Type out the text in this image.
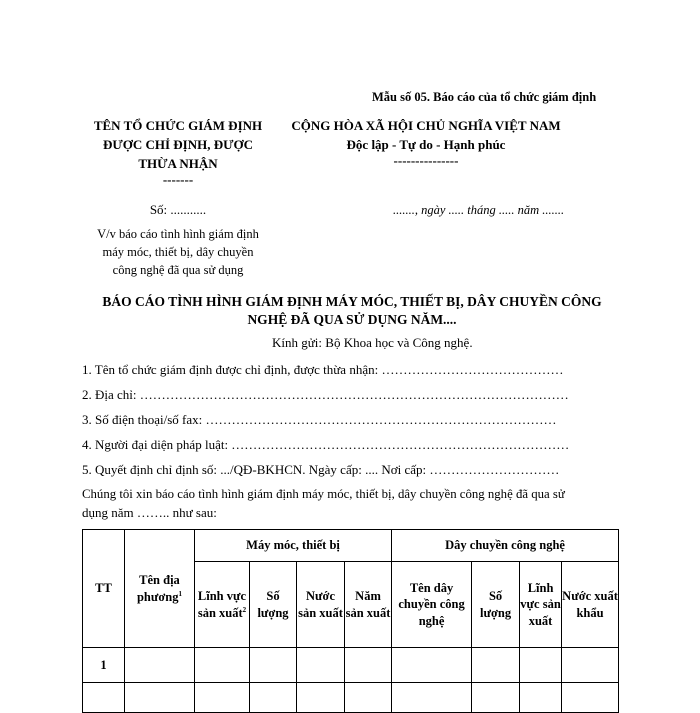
Mẫu số 05. Báo cáo của tổ chức giám định
TÊN TỔ CHỨC GIÁM ĐỊNH
ĐƯỢC CHỈ ĐỊNH, ĐƯỢC
THỪA NHẬN
-------
CỘNG HÒA XÃ HỘI CHỦ NGHĨA VIỆT NAM
Độc lập - Tự do - Hạnh phúc
---------------
Số: ...........	......., ngày ..... tháng ..... năm .......
V/v báo cáo tình hình giám định
máy móc, thiết bị, dây chuyền
công nghệ đã qua sử dụng
BÁO CÁO TÌNH HÌNH GIÁM ĐỊNH MÁY MÓC, THIẾT BỊ, DÂY CHUYỀN CÔNG
NGHỆ ĐÃ QUA SỬ DỤNG NĂM....
Kính gửi: Bộ Khoa học và Công nghệ.
1. Tên tổ chức giám định được chỉ định, được thừa nhận: ……………………………………
2. Địa chỉ: ………………………………………………………………………………………
3. Số điện thoại/số fax: ………………………………………………………………………
4. Người đại diện pháp luật: ……………………………………………………………………
5. Quyết định chỉ định số: .../QĐ-BKHCN. Ngày cấp: .... Nơi cấp: …………………………
Chúng tôi xin báo cáo tình hình giám định máy móc, thiết bị, dây chuyền công nghệ đã qua sử
dụng năm …….. như sau:
TT	Tên địa phương$^1$	Máy móc, thiết bị				Dây chuyền công nghệ			
		Lĩnh vực sản xuất$^2$	Số lượng	Nước sản xuất	Năm sản xuất	Tên dây chuyền công nghệ	Số lượng	Lĩnh vực sản xuất	Nước xuất khẩu
1									
